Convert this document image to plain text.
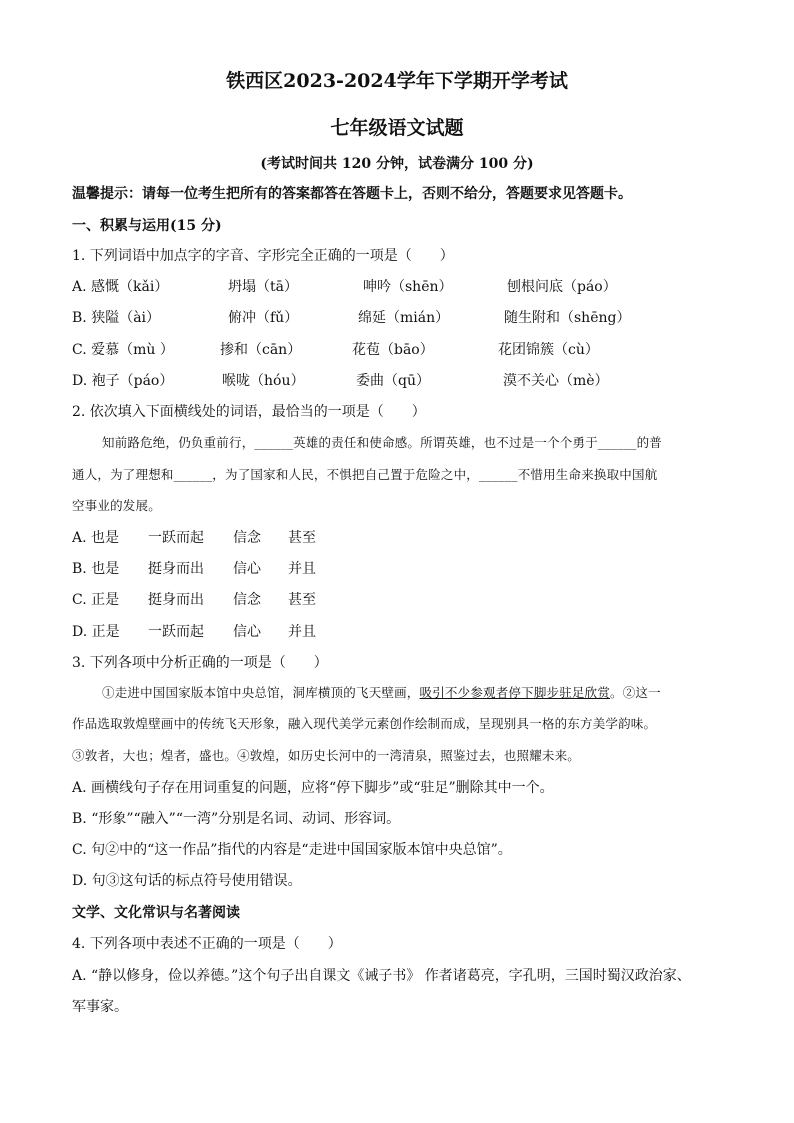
铁西区2023-2024学年下学期开学考试
七年级语文试题
(考试时间共 120 分钟，试卷满分 100 分)
温馨提示：请每一位考生把所有的答案都答在答题卡上，否则不给分，答题要求见答题卡。
一、积累与运用(15 分)
1. 下列词语中加点字的字音、字形完全正确的一项是（　　）
A. 感慨（kǎi）	坍塌（tā）	呻吟（shēn）	刨根问底（páo）
B. 狭隘（ài）	俯冲（fǔ）	绵延（mián）	随生附和（shēng）
C. 爱慕（mù ）	掺和（cān）	花苞（bāo）	花团锦簇（cù）
D. 袍子（páo）	喉咙（hóu）	委曲（qū）	漠不关心（mè）
2. 依次填入下面横线处的词语，最恰当的一项是（　　）
知前路危绝，仍负重前行，______英雄的责任和使命感。所谓英雄，也不过是一个个勇于______的普
通人，为了理想和______，为了国家和人民，不惧把自己置于危险之中，______不惜用生命来换取中国航
空事业的发展。
A. 也是 一跃而起 信念 甚至
B. 也是 挺身而出 信心 并且
C. 正是 挺身而出 信念 甚至
D. 正是 一跃而起 信心 并且
3. 下列各项中分析正确的一项是（　　）
①走进中国国家版本馆中央总馆，洞库横顶的飞天壁画，吸引不少参观者停下脚步驻足欣赏。②这一
作品选取敦煌壁画中的传统飞天形象，融入现代美学元素创作绘制而成，呈现别具一格的东方美学韵味。
③敦者，大也；煌者，盛也。④敦煌，如历史长河中的一湾清泉，照鉴过去，也照耀未来。
A. 画横线句子存在用词重复的问题，应将“停下脚步”或“驻足”删除其中一个。
B. “形象”“融入”“一湾”分别是名词、动词、形容词。
C. 句②中的“这一作品”指代的内容是“走进中国国家版本馆中央总馆”。
D. 句③这句话的标点符号使用错误。
文学、文化常识与名著阅读
4. 下列各项中表述不正确的一项是（　　）
A. “静以修身，俭以养德。”这个句子出自课文《诫子书》 作者诸葛亮，字孔明，三国时蜀汉政治家、
军事家。
